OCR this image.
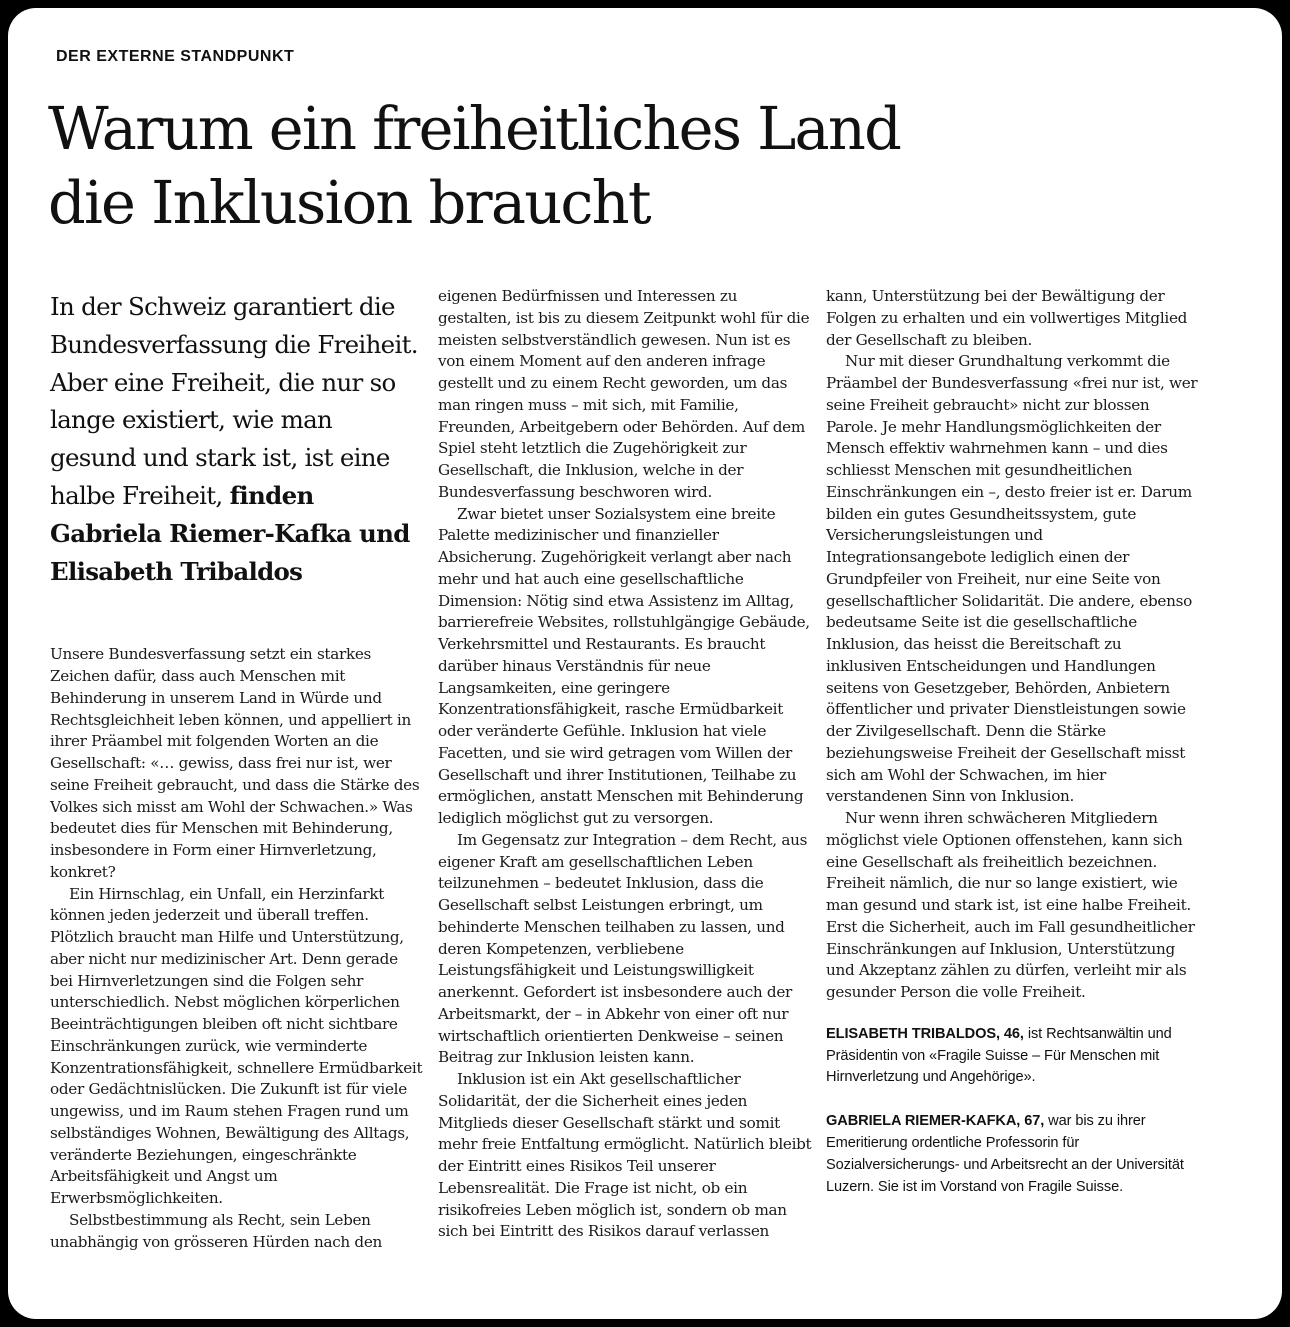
DER EXTERNE STANDPUNKT

Warum ein freiheitliches Land
die Inklusion braucht

In der Schweiz garantiert die Bundesverfassung die Freiheit. Aber eine Freiheit, die nur so lange existiert, wie man gesund und stark ist, ist eine halbe Freiheit, finden Gabriela Riemer-Kafka und Elisabeth Tribaldos

Unsere Bundesverfassung setzt ein starkes Zeichen dafür, dass auch Menschen mit Behinderung in unserem Land in Würde und Rechtsgleichheit leben können, und appelliert in ihrer Präambel mit folgenden Worten an die Gesellschaft: «… gewiss, dass frei nur ist, wer seine Freiheit gebraucht, und dass die Stärke des Volkes sich misst am Wohl der Schwachen.» Was bedeutet dies für Menschen mit Behinderung, insbesondere in Form einer Hirnverletzung, konkret?

Ein Hirnschlag, ein Unfall, ein Herzinfarkt können jeden jederzeit und überall treffen. Plötzlich braucht man Hilfe und Unterstützung, aber nicht nur medizinischer Art. Denn gerade bei Hirnverletzungen sind die Folgen sehr unterschiedlich. Nebst möglichen körperlichen Beeinträchtigungen bleiben oft nicht sichtbare Einschränkungen zurück, wie verminderte Konzentrationsfähigkeit, schnellere Ermüdbarkeit oder Gedächtnislücken. Die Zukunft ist für viele ungewiss, und im Raum stehen Fragen rund um selbständiges Wohnen, Bewältigung des Alltags, veränderte Beziehungen, eingeschränkte Arbeitsfähigkeit und Angst um Erwerbsmöglichkeiten.

Selbstbestimmung als Recht, sein Leben unabhängig von grösseren Hürden nach den

eigenen Bedürfnissen und Interessen zu gestalten, ist bis zu diesem Zeitpunkt wohl für die meisten selbstverständlich gewesen. Nun ist es von einem Moment auf den anderen infrage gestellt und zu einem Recht geworden, um das man ringen muss – mit sich, mit Familie, Freunden, Arbeitgebern oder Behörden. Auf dem Spiel steht letztlich die Zugehörigkeit zur Gesellschaft, die Inklusion, welche in der Bundesverfassung beschworen wird.

Zwar bietet unser Sozialsystem eine breite Palette medizinischer und finanzieller Absicherung. Zugehörigkeit verlangt aber nach mehr und hat auch eine gesellschaftliche Dimension: Nötig sind etwa Assistenz im Alltag, barrierefreie Websites, rollstuhlgängige Gebäude, Verkehrsmittel und Restaurants. Es braucht darüber hinaus Verständnis für neue Langsamkeiten, eine geringere Konzentrationsfähigkeit, rasche Ermüdbarkeit oder veränderte Gefühle. Inklusion hat viele Facetten, und sie wird getragen vom Willen der Gesellschaft und ihrer Institutionen, Teilhabe zu ermöglichen, anstatt Menschen mit Behinderung lediglich möglichst gut zu versorgen.

Im Gegensatz zur Integration – dem Recht, aus eigener Kraft am gesellschaftlichen Leben teilzunehmen – bedeutet Inklusion, dass die Gesellschaft selbst Leistungen erbringt, um behinderte Menschen teilhaben zu lassen, und deren Kompetenzen, verbliebene Leistungsfähigkeit und Leistungswilligkeit anerkennt. Gefordert ist insbesondere auch der Arbeitsmarkt, der – in Abkehr von einer oft nur wirtschaftlich orientierten Denkweise – seinen Beitrag zur Inklusion leisten kann.

Inklusion ist ein Akt gesellschaftlicher Solidarität, der die Sicherheit eines jeden Mitglieds dieser Gesellschaft stärkt und somit mehr freie Entfaltung ermöglicht. Natürlich bleibt der Eintritt eines Risikos Teil unserer Lebensrealität. Die Frage ist nicht, ob ein risikofreies Leben möglich ist, sondern ob man sich bei Eintritt des Risikos darauf verlassen

kann, Unterstützung bei der Bewältigung der Folgen zu erhalten und ein vollwertiges Mitglied der Gesellschaft zu bleiben.

Nur mit dieser Grundhaltung verkommt die Präambel der Bundesverfassung «frei nur ist, wer seine Freiheit gebraucht» nicht zur blossen Parole. Je mehr Handlungsmöglichkeiten der Mensch effektiv wahrnehmen kann – und dies schliesst Menschen mit gesundheitlichen Einschränkungen ein –, desto freier ist er. Darum bilden ein gutes Gesundheitssystem, gute Versicherungsleistungen und Integrationsangebote lediglich einen der Grundpfeiler von Freiheit, nur eine Seite von gesellschaftlicher Solidarität. Die andere, ebenso bedeutsame Seite ist die gesellschaftliche Inklusion, das heisst die Bereitschaft zu inklusiven Entscheidungen und Handlungen seitens von Gesetzgeber, Behörden, Anbietern öffentlicher und privater Dienstleistungen sowie der Zivilgesellschaft. Denn die Stärke beziehungsweise Freiheit der Gesellschaft misst sich am Wohl der Schwachen, im hier verstandenen Sinn von Inklusion.

Nur wenn ihren schwächeren Mitgliedern möglichst viele Optionen offenstehen, kann sich eine Gesellschaft als freiheitlich bezeichnen. Freiheit nämlich, die nur so lange existiert, wie man gesund und stark ist, ist eine halbe Freiheit. Erst die Sicherheit, auch im Fall gesundheitlicher Einschränkungen auf Inklusion, Unterstützung und Akzeptanz zählen zu dürfen, verleiht mir als gesunder Person die volle Freiheit.

ELISABETH TRIBALDOS, 46, ist Rechtsanwältin und Präsidentin von «Fragile Suisse – Für Menschen mit Hirnverletzung und Angehörige».

GABRIELA RIEMER-KAFKA, 67, war bis zu ihrer Emeritierung ordentliche Professorin für Sozialversicherungs- und Arbeitsrecht an der Universität Luzern. Sie ist im Vorstand von Fragile Suisse.
